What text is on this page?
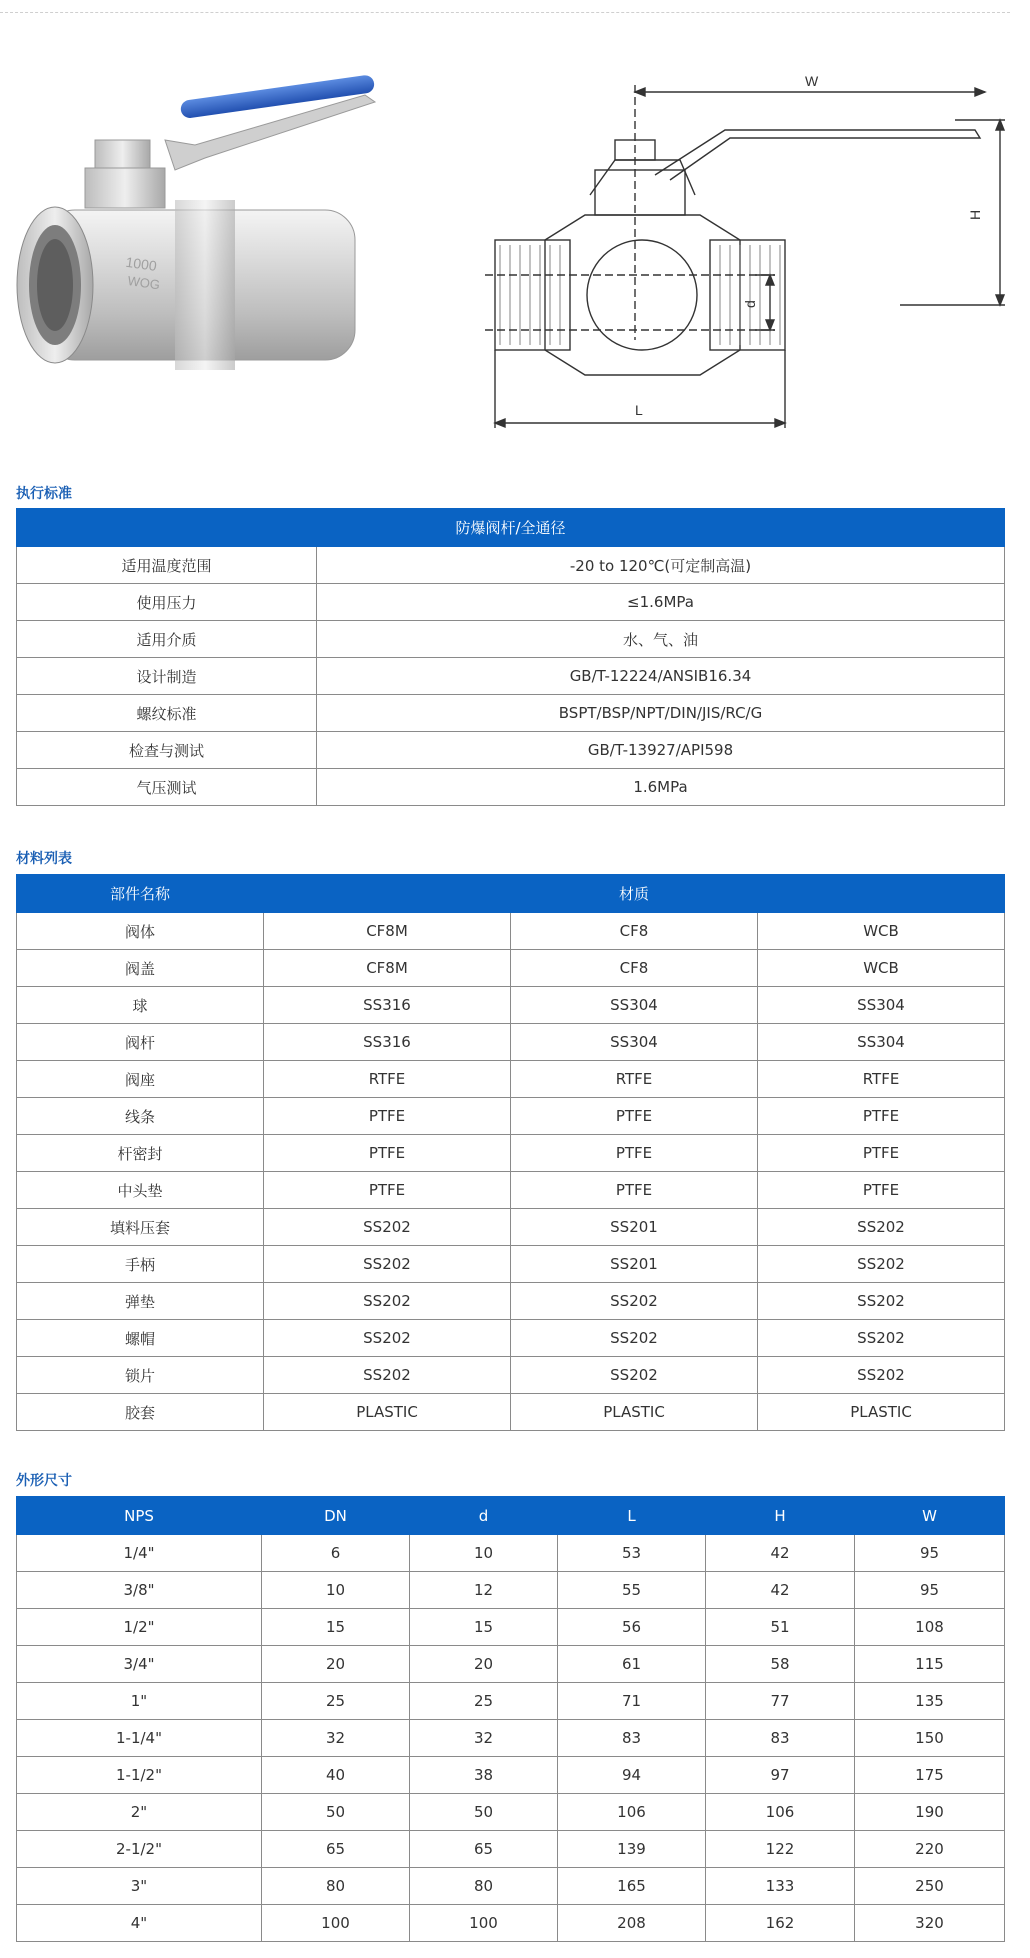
1000
WOG
W
H
d
L
执行标准
防爆阀杆/全通径	
适用温度范围	-20 to 120℃(可定制高温)
使用压力	≤1.6MPa
适用介质	水、气、油
设计制造	GB/T-12224/ANSIB16.34
螺纹标准	BSPT/BSP/NPT/DIN/JIS/RC/G
检查与测试	GB/T-13927/API598
气压测试	1.6MPa
材料列表
部件名称	材质		
阀体	CF8M	CF8	WCB
阀盖	CF8M	CF8	WCB
球	SS316	SS304	SS304
阀杆	SS316	SS304	SS304
阀座	RTFE	RTFE	RTFE
线条	PTFE	PTFE	PTFE
杆密封	PTFE	PTFE	PTFE
中头垫	PTFE	PTFE	PTFE
填料压套	SS202	SS201	SS202
手柄	SS202	SS201	SS202
弹垫	SS202	SS202	SS202
螺帽	SS202	SS202	SS202
锁片	SS202	SS202	SS202
胶套	PLASTIC	PLASTIC	PLASTIC
外形尺寸
NPS	DN	d	L	H	W
1/4"	6	10	53	42	95
3/8"	10	12	55	42	95
1/2"	15	15	56	51	108
3/4"	20	20	61	58	115
1"	25	25	71	77	135
1-1/4"	32	32	83	83	150
1-1/2"	40	38	94	97	175
2"	50	50	106	106	190
2-1/2"	65	65	139	122	220
3"	80	80	165	133	250
4"	100	100	208	162	320
